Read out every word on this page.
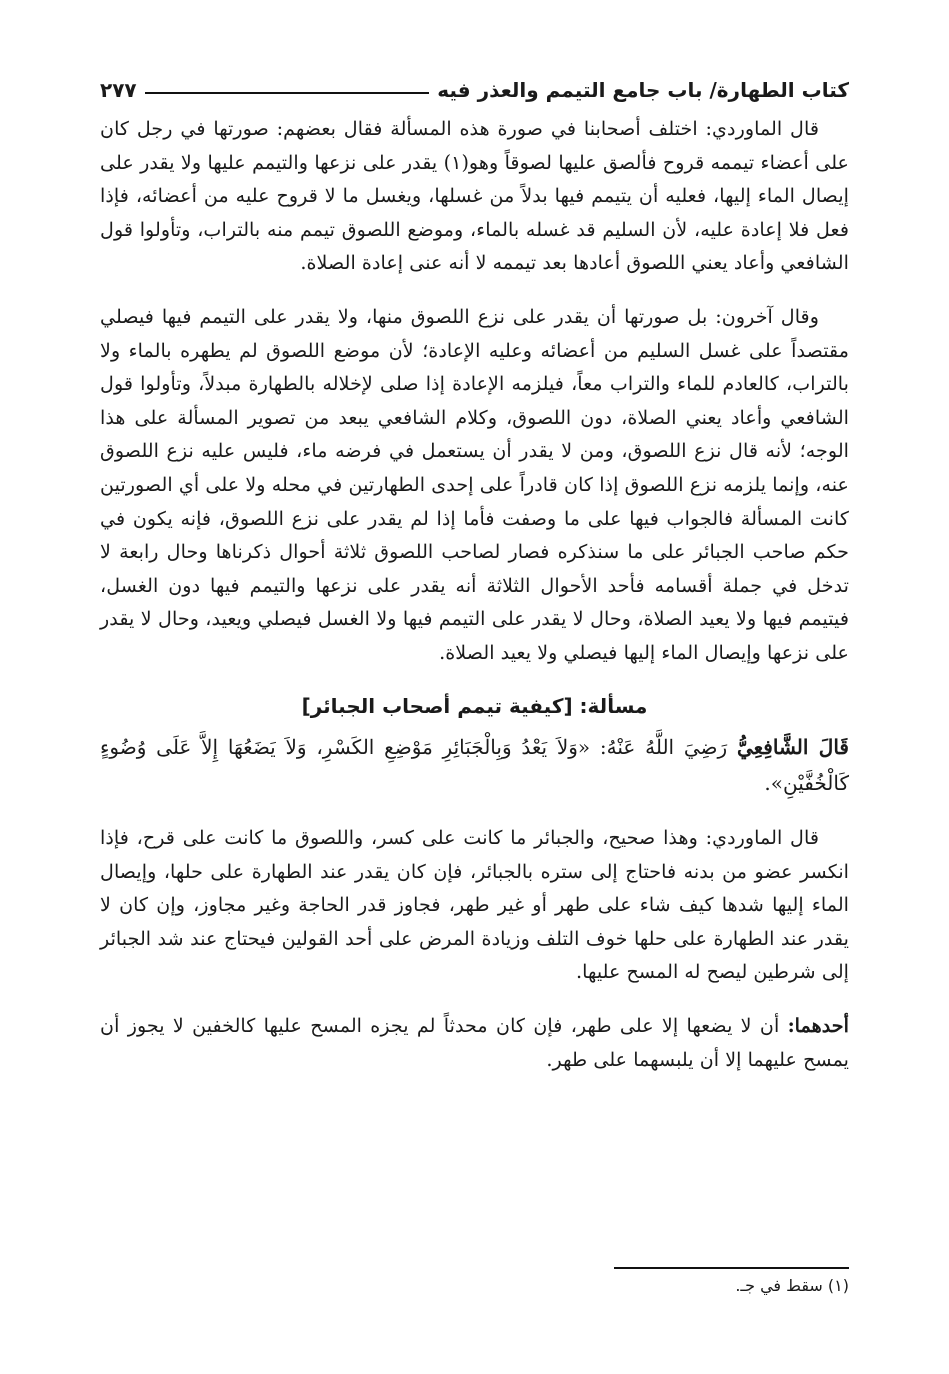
كتاب الطهارة/ باب جامع التيمم والعذر فيه
٢٧٧

قال الماوردي: اختلف أصحابنا في صورة هذه المسألة فقال بعضهم: صورتها في رجل كان على أعضاء تيممه قروح فألصق عليها لصوقاً وهو(١) يقدر على نزعها والتيمم عليها ولا يقدر على إيصال الماء إليها، فعليه أن يتيمم فيها بدلاً من غسلها، ويغسل ما لا قروح عليه من أعضائه، فإذا فعل فلا إعادة عليه، لأن السليم قد غسله بالماء، وموضع اللصوق تيمم منه بالتراب، وتأولوا قول الشافعي وأعاد يعني اللصوق أعادها بعد تيممه لا أنه عنى إعادة الصلاة.

وقال آخرون: بل صورتها أن يقدر على نزع اللصوق منها، ولا يقدر على التيمم فيها فيصلي مقتصداً على غسل السليم من أعضائه وعليه الإعادة؛ لأن موضع اللصوق لم يطهره بالماء ولا بالتراب، كالعادم للماء والتراب معاً، فيلزمه الإعادة إذا صلى لإخلاله بالطهارة مبدلاً، وتأولوا قول الشافعي وأعاد يعني الصلاة، دون اللصوق، وكلام الشافعي يبعد من تصوير المسألة على هذا الوجه؛ لأنه قال نزع اللصوق، ومن لا يقدر أن يستعمل في فرضه ماء، فليس عليه نزع اللصوق عنه، وإنما يلزمه نزع اللصوق إذا كان قادراً على إحدى الطهارتين في محله ولا على أي الصورتين كانت المسألة فالجواب فيها على ما وصفت فأما إذا لم يقدر على نزع اللصوق، فإنه يكون في حكم صاحب الجبائر على ما سنذكره فصار لصاحب اللصوق ثلاثة أحوال ذكرناها وحال رابعة لا تدخل في جملة أقسامه فأحد الأحوال الثلاثة أنه يقدر على نزعها والتيمم فيها دون الغسل، فيتيمم فيها ولا يعيد الصلاة، وحال لا يقدر على التيمم فيها ولا الغسل فيصلي ويعيد، وحال لا يقدر على نزعها وإيصال الماء إليها فيصلي ولا يعيد الصلاة.

مسألة: [كيفية تيمم أصحاب الجبائر]

قَالَ الشَّافِعِيُّ رَضِيَ اللَّهُ عَنْهُ: «وَلاَ يَعْدُ وَبِالْجَبَائِرِ مَوْضِعِ الكَسْرِ، وَلاَ يَضَعُهَا إِلاَّ عَلَى وُضُوءٍ كَالْخُفَّيْنِ».

قال الماوردي: وهذا صحيح، والجبائر ما كانت على كسر، واللصوق ما كانت على قرح، فإذا انكسر عضو من بدنه فاحتاج إلى ستره بالجبائر، فإن كان يقدر عند الطهارة على حلها، وإيصال الماء إليها شدها كيف شاء على طهر أو غير طهر، فجاوز قدر الحاجة وغير مجاوز، وإن كان لا يقدر عند الطهارة على حلها خوف التلف وزيادة المرض على أحد القولين فيحتاج عند شد الجبائر إلى شرطين ليصح له المسح عليها.

أحدهما: أن لا يضعها إلا على طهر، فإن كان محدثاً لم يجزه المسح عليها كالخفين لا يجوز أن يمسح عليهما إلا أن يلبسهما على طهر.

(١) سقط في جـ.
